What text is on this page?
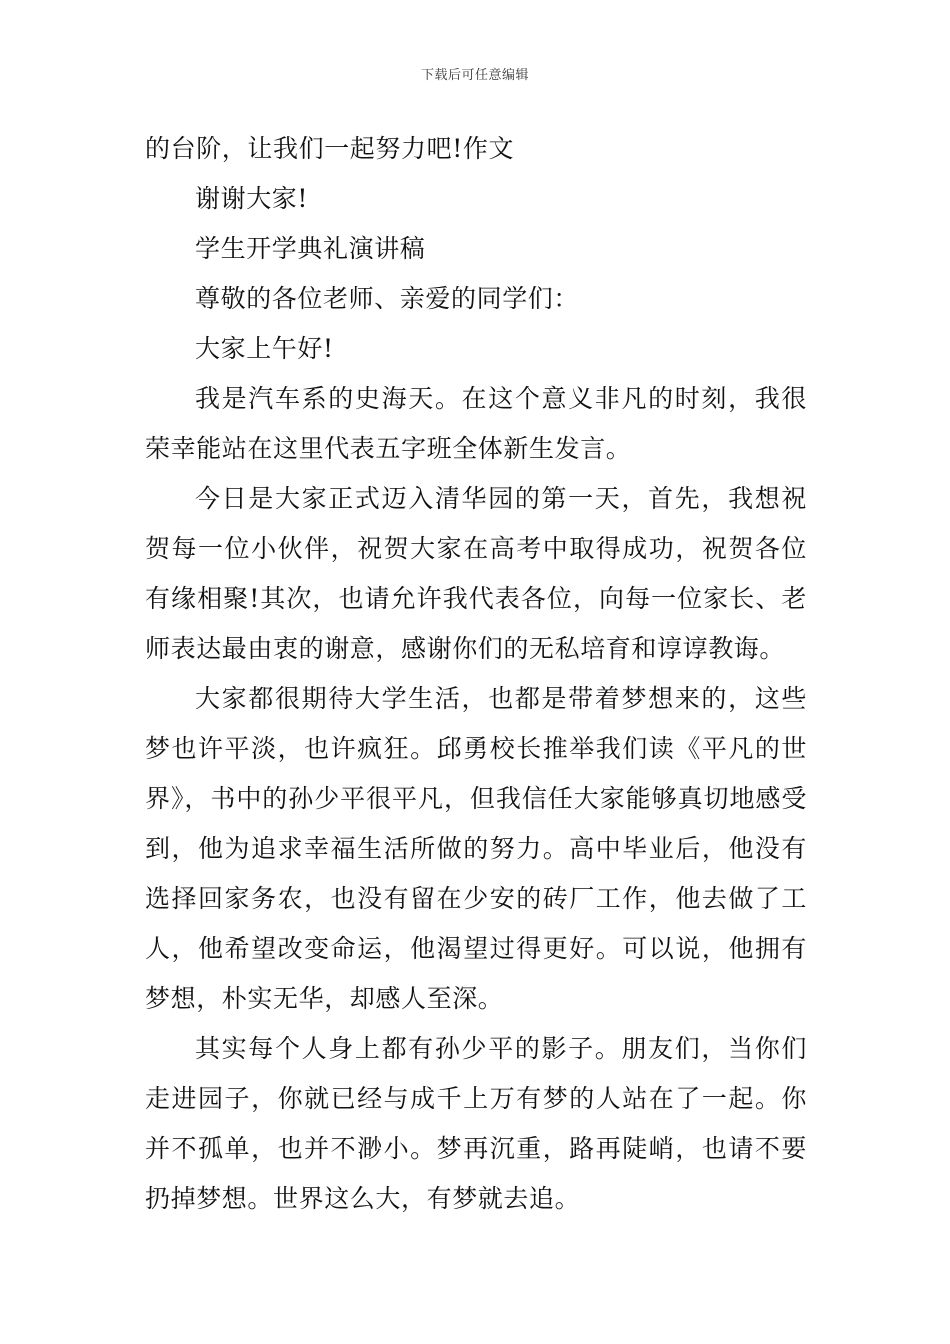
下载后可任意编辑

的台阶，让我们一起努力吧!作文

谢谢大家!

学生开学典礼演讲稿

尊敬的各位老师、亲爱的同学们：

大家上午好!

我是汽车系的史海天。在这个意义非凡的时刻，我很荣幸能站在这里代表五字班全体新生发言。

今日是大家正式迈入清华园的第一天，首先，我想祝贺每一位小伙伴，祝贺大家在高考中取得成功，祝贺各位有缘相聚!其次，也请允许我代表各位，向每一位家长、老师表达最由衷的谢意，感谢你们的无私培育和谆谆教诲。

大家都很期待大学生活，也都是带着梦想来的，这些梦也许平淡，也许疯狂。邱勇校长推举我们读《平凡的世界》，书中的孙少平很平凡，但我信任大家能够真切地感受到，他为追求幸福生活所做的努力。高中毕业后，他没有选择回家务农，也没有留在少安的砖厂工作，他去做了工人，他希望改变命运，他渴望过得更好。可以说，他拥有梦想，朴实无华，却感人至深。

其实每个人身上都有孙少平的影子。朋友们，当你们走进园子，你就已经与成千上万有梦的人站在了一起。你并不孤单，也并不渺小。梦再沉重，路再陡峭，也请不要扔掉梦想。世界这么大，有梦就去追。
